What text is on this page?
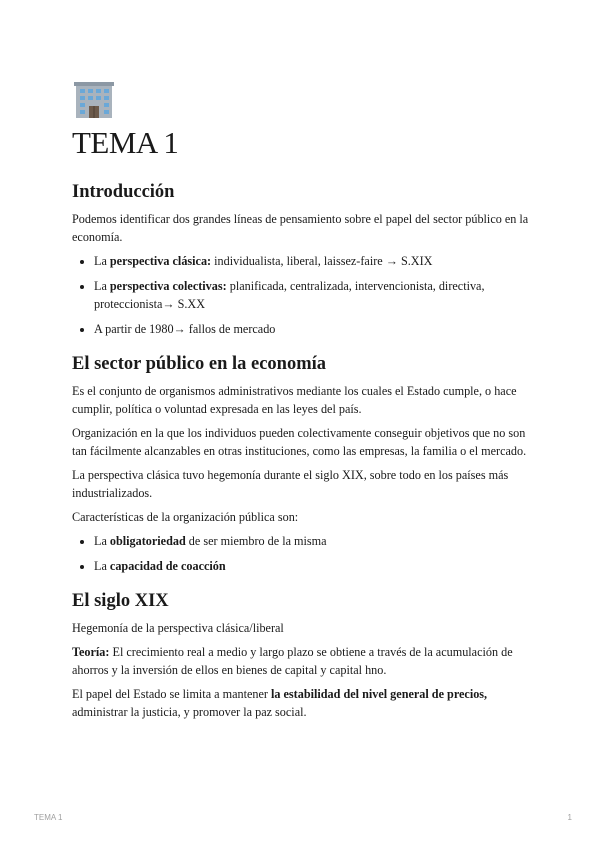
TEMA 1
Introducción

Podemos identificar dos grandes líneas de pensamiento sobre el papel del sector público en la economía.

• La perspectiva clásica: individualista, liberal, laissez-faire → S.XIX
• La perspectiva colectivas: planificada, centralizada, intervencionista, directiva, proteccionista→ S.XX
• A partir de 1980→ fallos de mercado
El sector público en la economía

Es el conjunto de organismos administrativos mediante los cuales el Estado cumple, o hace cumplir, política o voluntad expresada en las leyes del país.

Organización en la que los individuos pueden colectivamente conseguir objetivos que no son tan fácilmente alcanzables en otras instituciones, como las empresas, la familia o el mercado.

La perspectiva clásica tuvo hegemonía durante el siglo XIX, sobre todo en los países más industrializados.

Características de la organización pública son:

• La obligatoriedad de ser miembro de la misma
• La capacidad de coacción
El siglo XIX

Hegemonía de la perspectiva clásica/liberal

Teoría: El crecimiento real a medio y largo plazo se obtiene a través de la acumulación de ahorros y la inversión de ellos en bienes de capital y capital hno.

El papel del Estado se limita a mantener la estabilidad del nivel general de precios, administrar la justicia, y promover la paz social.

TEMA 1	1
